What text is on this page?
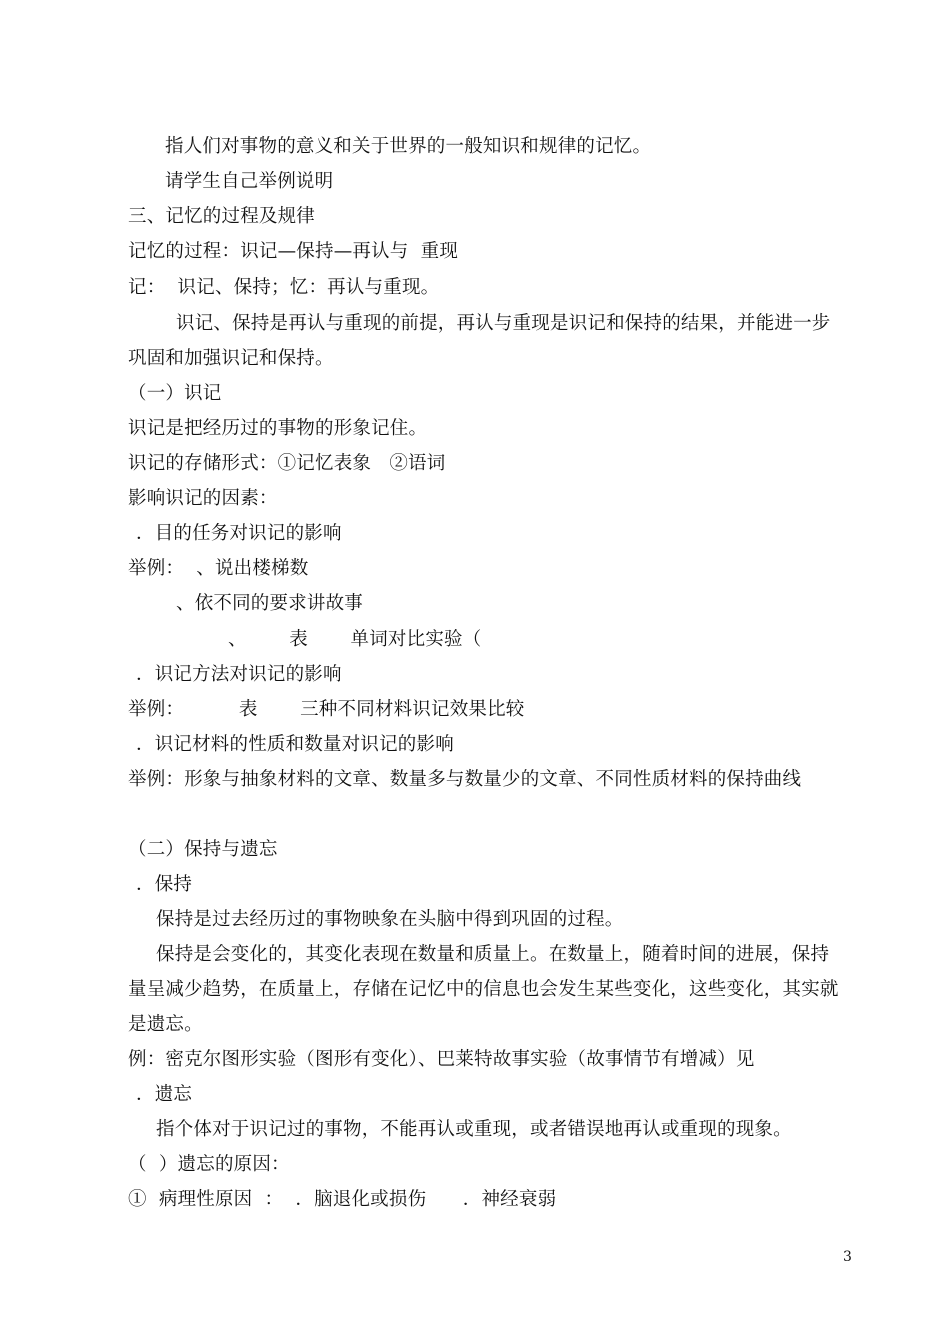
指人们对事物的意义和关于世界的一般知识和规律的记忆。
请学生自己举例说明
三、记忆的过程及规律
记忆的过程：识记—保持—再认与  重现
记：  识记、保持；忆：再认与重现。
识记、保持是再认与重现的前提，再认与重现是识记和保持的结果，并能进一步
巩固和加强识记和保持。
（一）识记
识记是把经历过的事物的形象记住。
识记的存储形式：①记忆表象   ②语词
影响识记的因素：
．目的任务对识记的影响
举例：  、说出楼梯数
、依不同的要求讲故事
、       表       单词对比实验（
．识记方法对识记的影响
举例：         表       三种不同材料识记效果比较
．识记材料的性质和数量对识记的影响
举例：形象与抽象材料的文章、数量多与数量少的文章、不同性质材料的保持曲线
（二）保持与遗忘
．保持
保持是过去经历过的事物映象在头脑中得到巩固的过程。
保持是会变化的，其变化表现在数量和质量上。在数量上，随着时间的进展，保持
量呈减少趋势，在质量上，存储在记忆中的信息也会发生某些变化，这些变化，其实就
是遗忘。
例：密克尔图形实验（图形有变化）、巴莱特故事实验（故事情节有增减）见
．遗忘
指个体对于识记过的事物，不能再认或重现，或者错误地再认或重现的现象。
（  ）遗忘的原因：
①  病理性原因  ：  ．脑退化或损伤      ．神经衰弱
3
